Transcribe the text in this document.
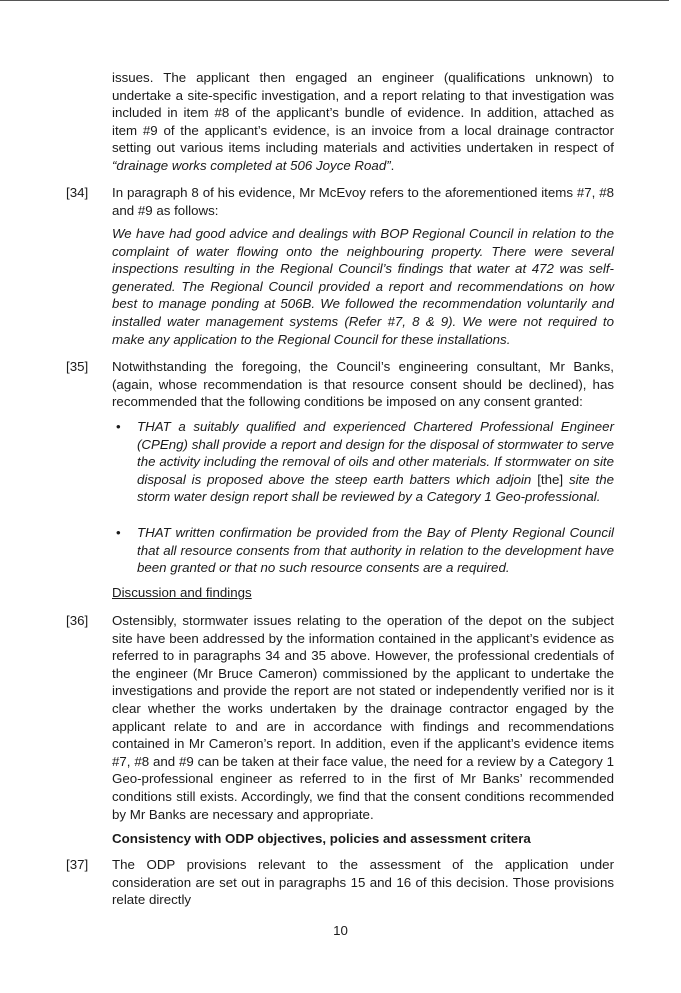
issues. The applicant then engaged an engineer (qualifications unknown) to undertake a site-specific investigation, and a report relating to that investigation was included in item #8 of the applicant’s bundle of evidence. In addition, attached as item #9 of the applicant’s evidence, is an invoice from a local drainage contractor setting out various items including materials and activities undertaken in respect of “drainage works completed at 506 Joyce Road”.

[34] In paragraph 8 of his evidence, Mr McEvoy refers to the aforementioned items #7, #8 and #9 as follows:

We have had good advice and dealings with BOP Regional Council in relation to the complaint of water flowing onto the neighbouring property. There were several inspections resulting in the Regional Council’s findings that water at 472 was self-generated. The Regional Council provided a report and recommendations on how best to manage ponding at 506B. We followed the recommendation voluntarily and installed water management systems (Refer #7, 8 & 9). We were not required to make any application to the Regional Council for these installations.

[35] Notwithstanding the foregoing, the Council’s engineering consultant, Mr Banks, (again, whose recommendation is that resource consent should be declined), has recommended that the following conditions be imposed on any consent granted:

• THAT a suitably qualified and experienced Chartered Professional Engineer (CPEng) shall provide a report and design for the disposal of stormwater to serve the activity including the removal of oils and other materials. If stormwater on site disposal is proposed above the steep earth batters which adjoin [the] site the storm water design report shall be reviewed by a Category 1 Geo-professional.

• THAT written confirmation be provided from the Bay of Plenty Regional Council that all resource consents from that authority in relation to the development have been granted or that no such resource consents are a required.

Discussion and findings

[36] Ostensibly, stormwater issues relating to the operation of the depot on the subject site have been addressed by the information contained in the applicant’s evidence as referred to in paragraphs 34 and 35 above. However, the professional credentials of the engineer (Mr Bruce Cameron) commissioned by the applicant to undertake the investigations and provide the report are not stated or independently verified nor is it clear whether the works undertaken by the drainage contractor engaged by the applicant relate to and are in accordance with findings and recommendations contained in Mr Cameron’s report. In addition, even if the applicant’s evidence items #7, #8 and #9 can be taken at their face value, the need for a review by a Category 1 Geo-professional engineer as referred to in the first of Mr Banks’ recommended conditions still exists. Accordingly, we find that the consent conditions recommended by Mr Banks are necessary and appropriate.

Consistency with ODP objectives, policies and assessment critera

[37] The ODP provisions relevant to the assessment of the application under consideration are set out in paragraphs 15 and 16 of this decision. Those provisions relate directly

10
